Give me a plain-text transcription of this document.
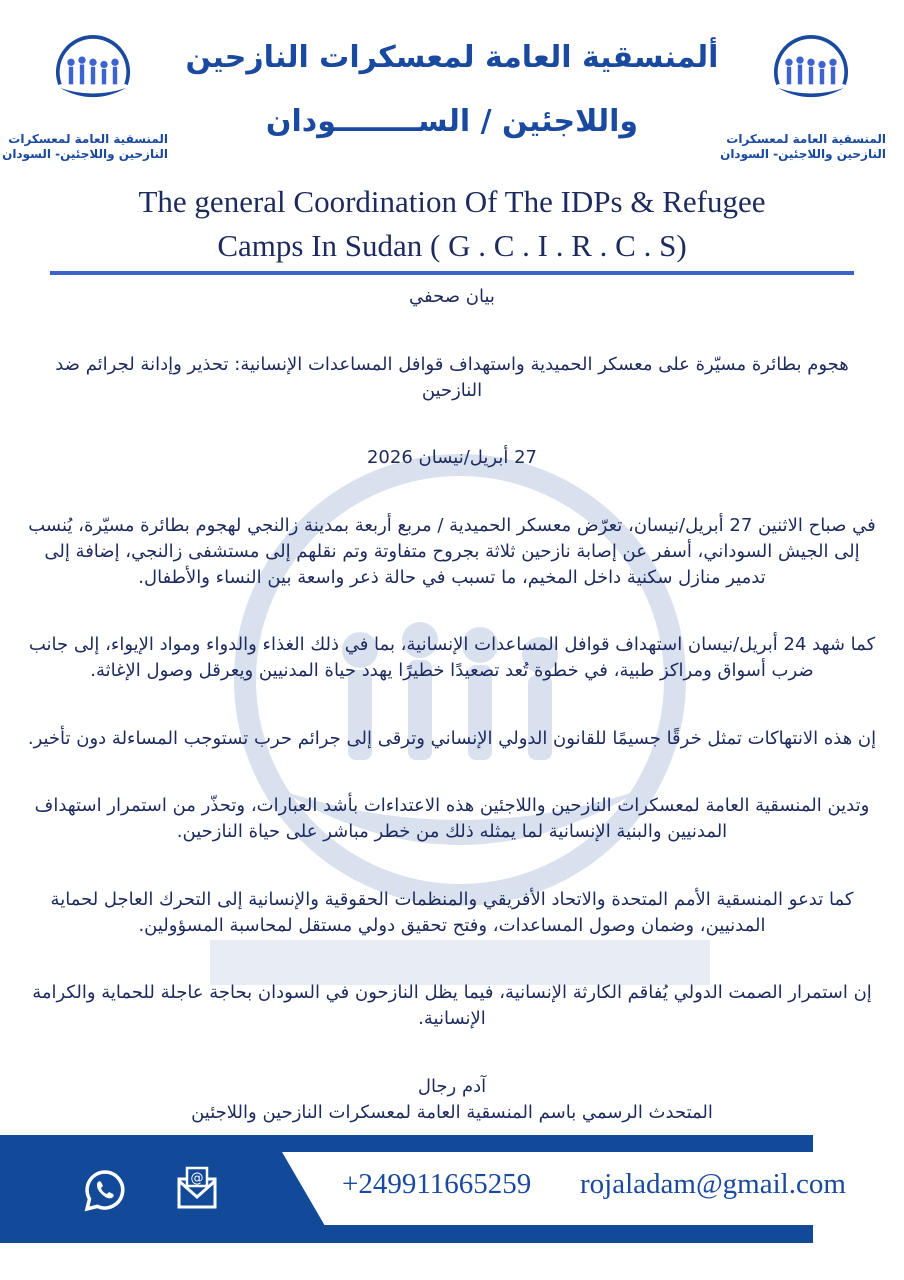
المنسقية العامة لمعسكرات
النازحين واللاجئين- السودان
المنسقية العامة لمعسكرات
النازحين واللاجئين- السودان
ألمنسقية العامة لمعسكرات النازحين
واللاجئين / الســــــــودان
The general Coordination Of The IDPs & Refugee
Camps In Sudan ( G . C . I . R . C . S)

بيان صحفي

هجوم بطائرة مسيّرة على معسكر الحميدية واستهداف قوافل المساعدات الإنسانية: تحذير وإدانة لجرائم ضد النازحين

27 أبريل/نيسان 2026

في صباح الاثنين 27 أبريل/نيسان، تعرّض معسكر الحميدية / مربع أربعة بمدينة زالنجي لهجوم بطائرة مسيّرة، يُنسب إلى الجيش السوداني، أسفر عن إصابة نازحين ثلاثة بجروح متفاوتة وتم نقلهم إلى مستشفى زالنجي، إضافة إلى تدمير منازل سكنية داخل المخيم، ما تسبب في حالة ذعر واسعة بين النساء والأطفال.

كما شهد 24 أبريل/نيسان استهداف قوافل المساعدات الإنسانية، بما في ذلك الغذاء والدواء ومواد الإيواء، إلى جانب ضرب أسواق ومراكز طبية، في خطوة تُعد تصعيدًا خطيرًا يهدد حياة المدنيين ويعرقل وصول الإغاثة.

إن هذه الانتهاكات تمثل خرقًا جسيمًا للقانون الدولي الإنساني وترقى إلى جرائم حرب تستوجب المساءلة دون تأخير.

وتدين المنسقية العامة لمعسكرات النازحين واللاجئين هذه الاعتداءات بأشد العبارات، وتحذّر من استمرار استهداف المدنيين والبنية الإنسانية لما يمثله ذلك من خطر مباشر على حياة النازحين.

كما تدعو المنسقية الأمم المتحدة والاتحاد الأفريقي والمنظمات الحقوقية والإنسانية إلى التحرك العاجل لحماية المدنيين، وضمان وصول المساعدات، وفتح تحقيق دولي مستقل لمحاسبة المسؤولين.

إن استمرار الصمت الدولي يُفاقم الكارثة الإنسانية، فيما يظل النازحون في السودان بحاجة عاجلة للحماية والكرامة الإنسانية.

آدم رجال

المتحدث الرسمي باسم المنسقية العامة لمعسكرات النازحين واللاجئين

@	+249911665259 rojaladam@gmail.com
